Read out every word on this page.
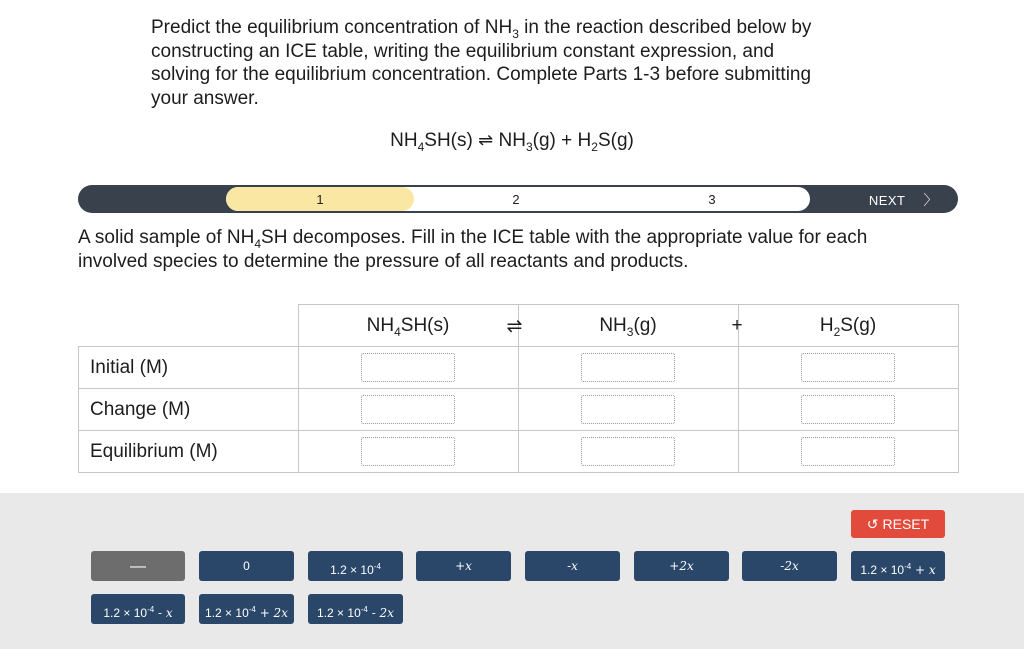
Predict the equilibrium concentration of $NH_3$ in the reaction described below by
constructing an ICE table, writing the equilibrium constant expression, and
solving for the equilibrium concentration. Complete Parts 1-3 before submitting
your answer.
$NH_4SH(s)$ ⇌ $NH_3(g) + H_2S(g)$
1	2	3	NEXT 〉
A solid sample of $NH_4SH$ decomposes. Fill in the ICE table with the appropriate value for each
involved species to determine the pressure of all reactants and products.
	$NH_4SH(s)$ ⇌	$NH_3(g)$ +	$H_2S(g)$
Initial (M)	

Change (M)	

Equilibrium (M)	

↺ RESET
—	0	$1.2 \times 10^{-4}$	+x	-x	+2x	-2x	$1.2 \times 10^{-4} + x$
$1.2 \times 10^{-4} - x$	$1.2 \times 10^{-4} + 2x$	$1.2 \times 10^{-4} - 2x$
